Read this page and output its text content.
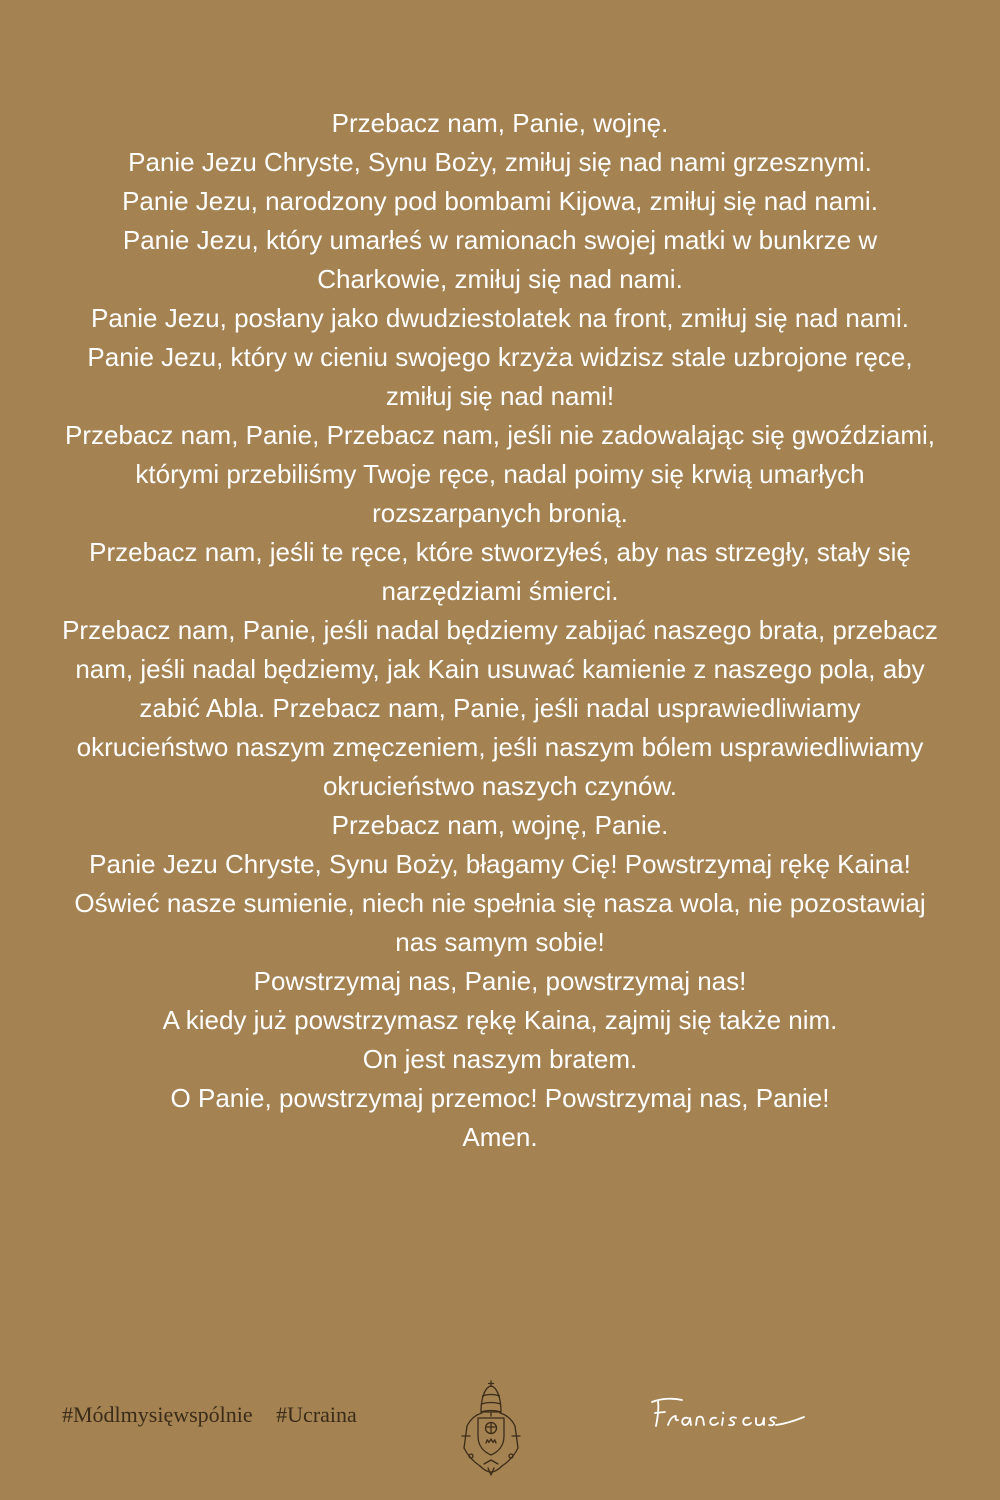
Przebacz nam, Panie, wojnę.
Panie Jezu Chryste, Synu Boży, zmiłuj się nad nami grzesznymi.
Panie Jezu, narodzony pod bombami Kijowa, zmiłuj się nad nami.
Panie Jezu, który umarłeś w ramionach swojej matki w bunkrze w Charkowie, zmiłuj się nad nami.
Panie Jezu, posłany jako dwudziestolatek na front, zmiłuj się nad nami.
Panie Jezu, który w cieniu swojego krzyża widzisz stale uzbrojone ręce, zmiłuj się nad nami!
Przebacz nam, Panie, Przebacz nam, jeśli nie zadowalając się gwoździami, którymi przebiliśmy Twoje ręce, nadal poimy się krwią umarłych rozszarpanych bronią.
Przebacz nam, jeśli te ręce, które stworzyłeś, aby nas strzegły, stały się narzędziami śmierci.
Przebacz nam, Panie, jeśli nadal będziemy zabijać naszego brata, przebacz nam, jeśli nadal będziemy, jak Kain usuwać kamienie z naszego pola, aby zabić Abla. Przebacz nam, Panie, jeśli nadal usprawiedliwiamy okrucieństwo naszym zmęczeniem, jeśli naszym bólem usprawiedliwiamy okrucieństwo naszych czynów.
Przebacz nam, wojnę, Panie.
Panie Jezu Chryste, Synu Boży, błagamy Cię! Powstrzymaj rękę Kaina!
Oświeć nasze sumienie, niech nie spełnia się nasza wola, nie pozostawiaj nas samym sobie!
Powstrzymaj nas, Panie, powstrzymaj nas!
A kiedy już powstrzymasz rękę Kaina, zajmij się także nim.
On jest naszym bratem.
O Panie, powstrzymaj przemoc! Powstrzymaj nas, Panie!
Amen.
#Módlmysięwspólnie #Ucraina
